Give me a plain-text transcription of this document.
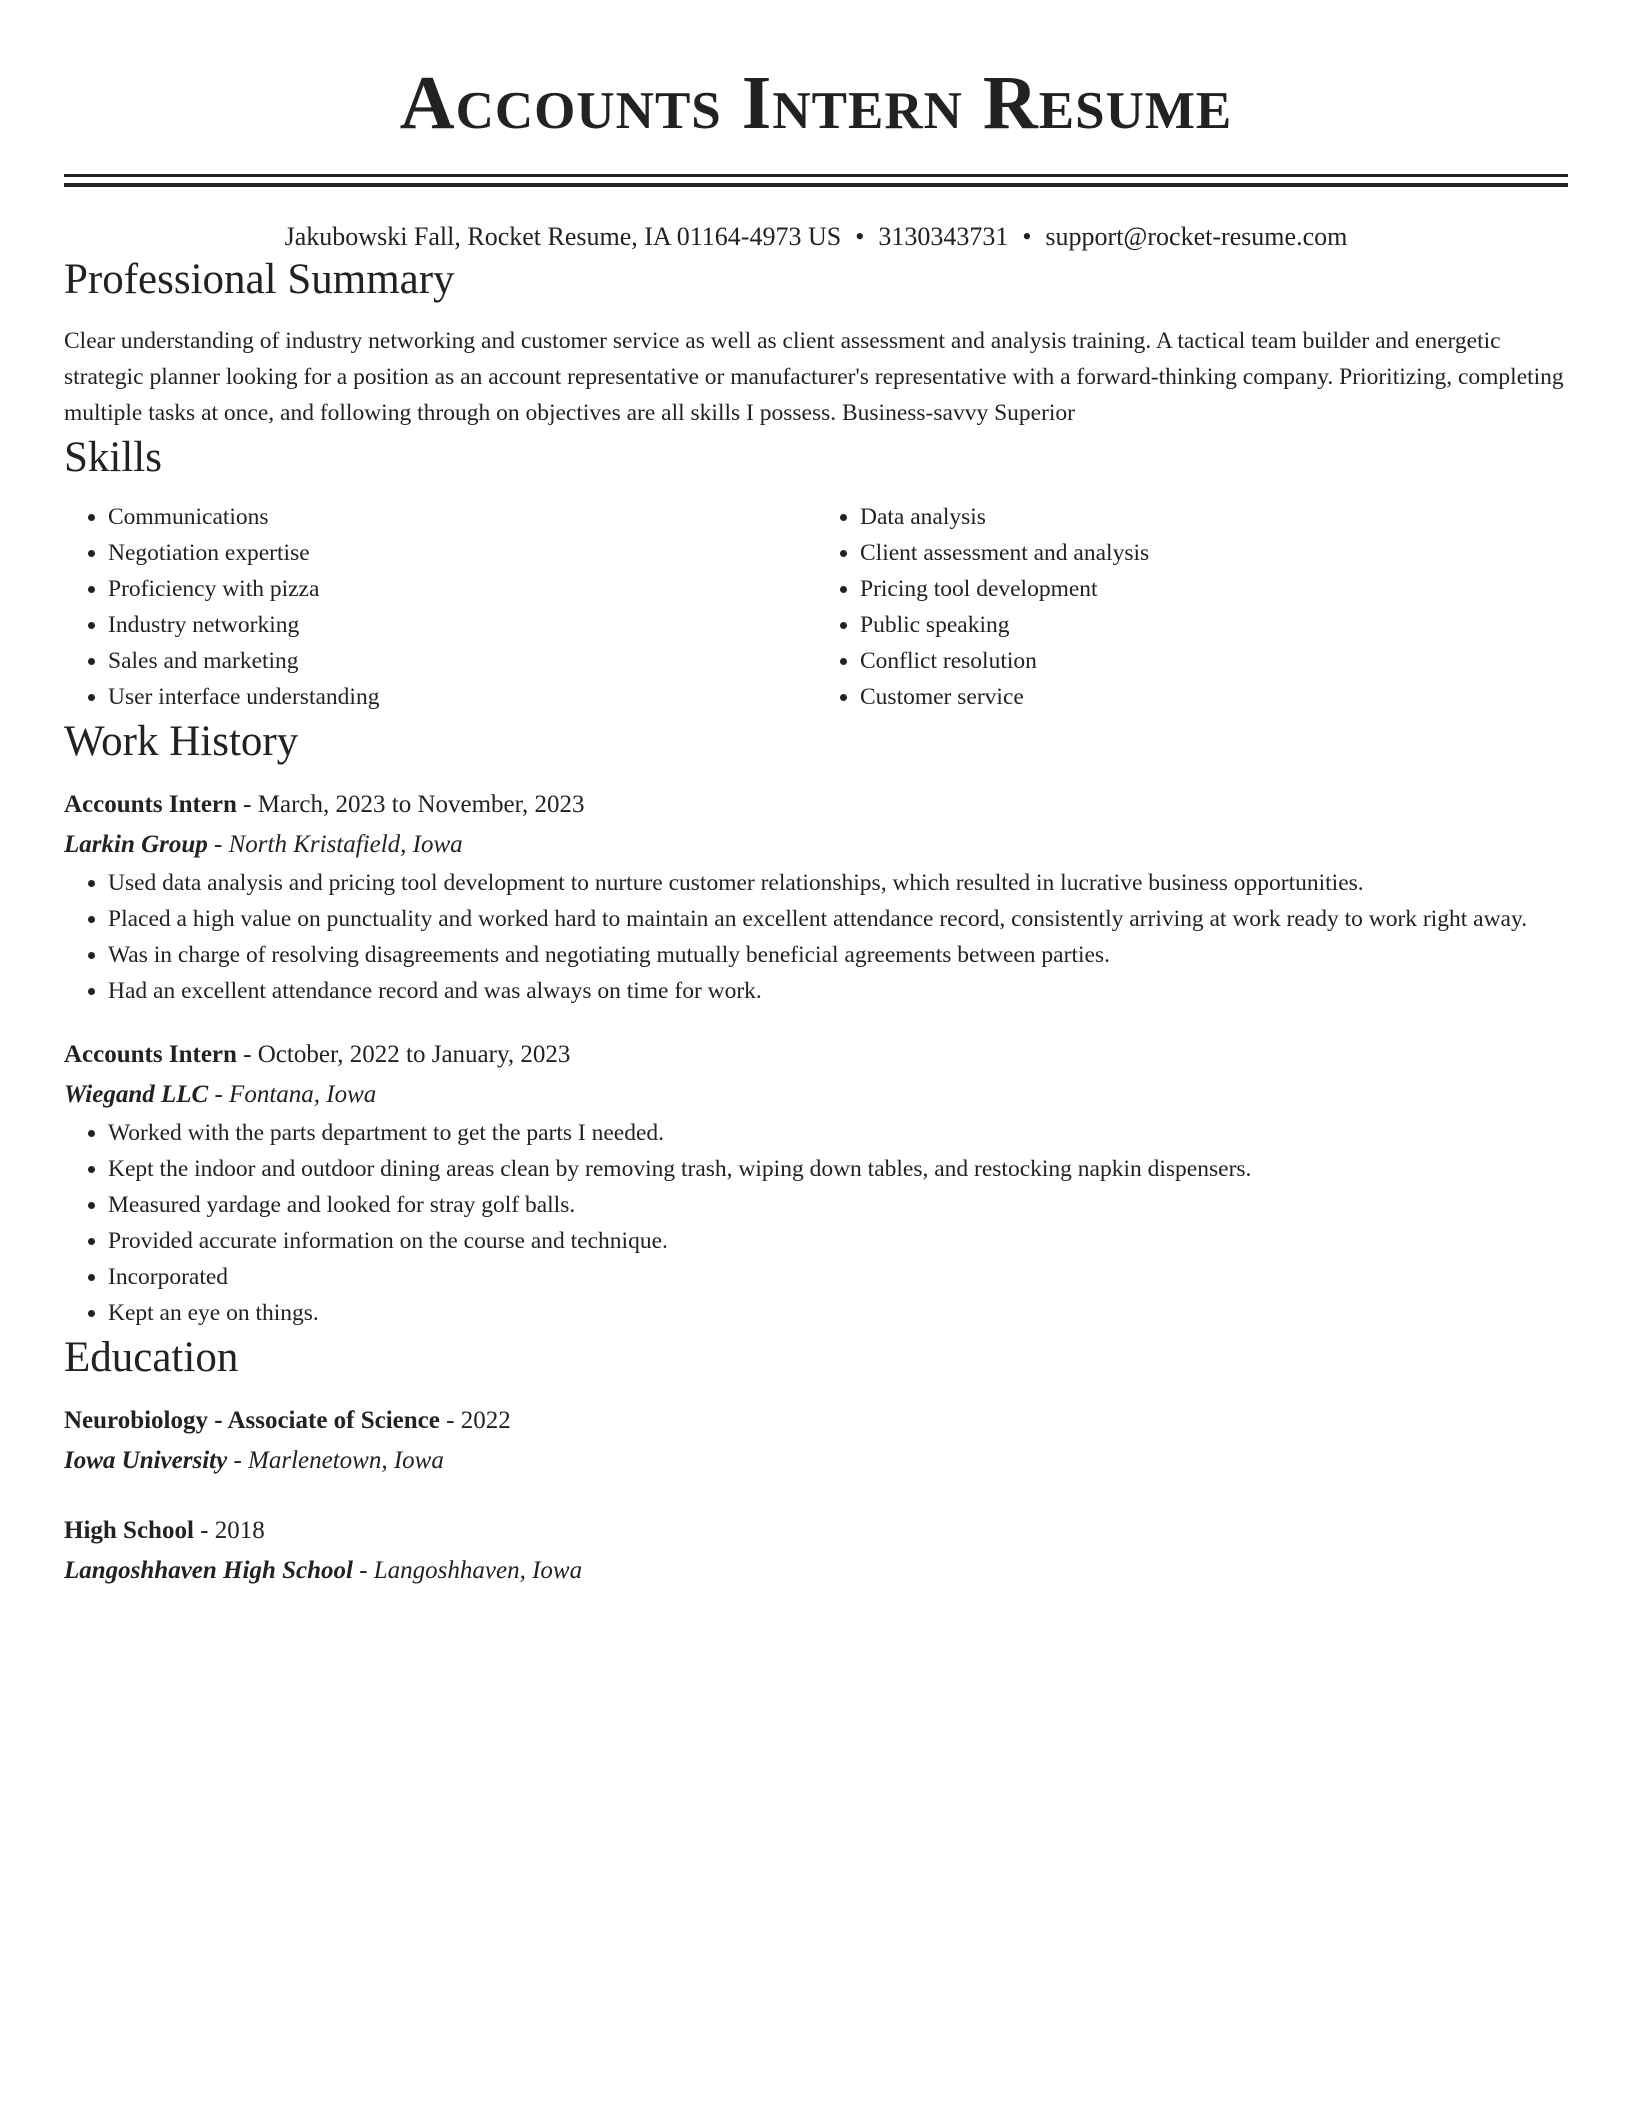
Accounts Intern Resume
Jakubowski Fall, Rocket Resume, IA 01164-4973 US • 3130343731 • support@rocket-resume.com
Professional Summary
Clear understanding of industry networking and customer service as well as client assessment and analysis training. A tactical team builder and energetic strategic planner looking for a position as an account representative or manufacturer's representative with a forward-thinking company. Prioritizing, completing multiple tasks at once, and following through on objectives are all skills I possess. Business-savvy Superior
Skills
• Communications
• Negotiation expertise
• Proficiency with pizza
• Industry networking
• Sales and marketing
• User interface understanding
• Data analysis
• Client assessment and analysis
• Pricing tool development
• Public speaking
• Conflict resolution
• Customer service
Work History
Accounts Intern - March, 2023 to November, 2023
Larkin Group - North Kristafield, Iowa
• Used data analysis and pricing tool development to nurture customer relationships, which resulted in lucrative business opportunities.
• Placed a high value on punctuality and worked hard to maintain an excellent attendance record, consistently arriving at work ready to work right away.
• Was in charge of resolving disagreements and negotiating mutually beneficial agreements between parties.
• Had an excellent attendance record and was always on time for work.
Accounts Intern - October, 2022 to January, 2023
Wiegand LLC - Fontana, Iowa
• Worked with the parts department to get the parts I needed.
• Kept the indoor and outdoor dining areas clean by removing trash, wiping down tables, and restocking napkin dispensers.
• Measured yardage and looked for stray golf balls.
• Provided accurate information on the course and technique.
• Incorporated
• Kept an eye on things.
Education
Neurobiology - Associate of Science - 2022
Iowa University - Marlenetown, Iowa
High School - 2018
Langoshhaven High School - Langoshhaven, Iowa
